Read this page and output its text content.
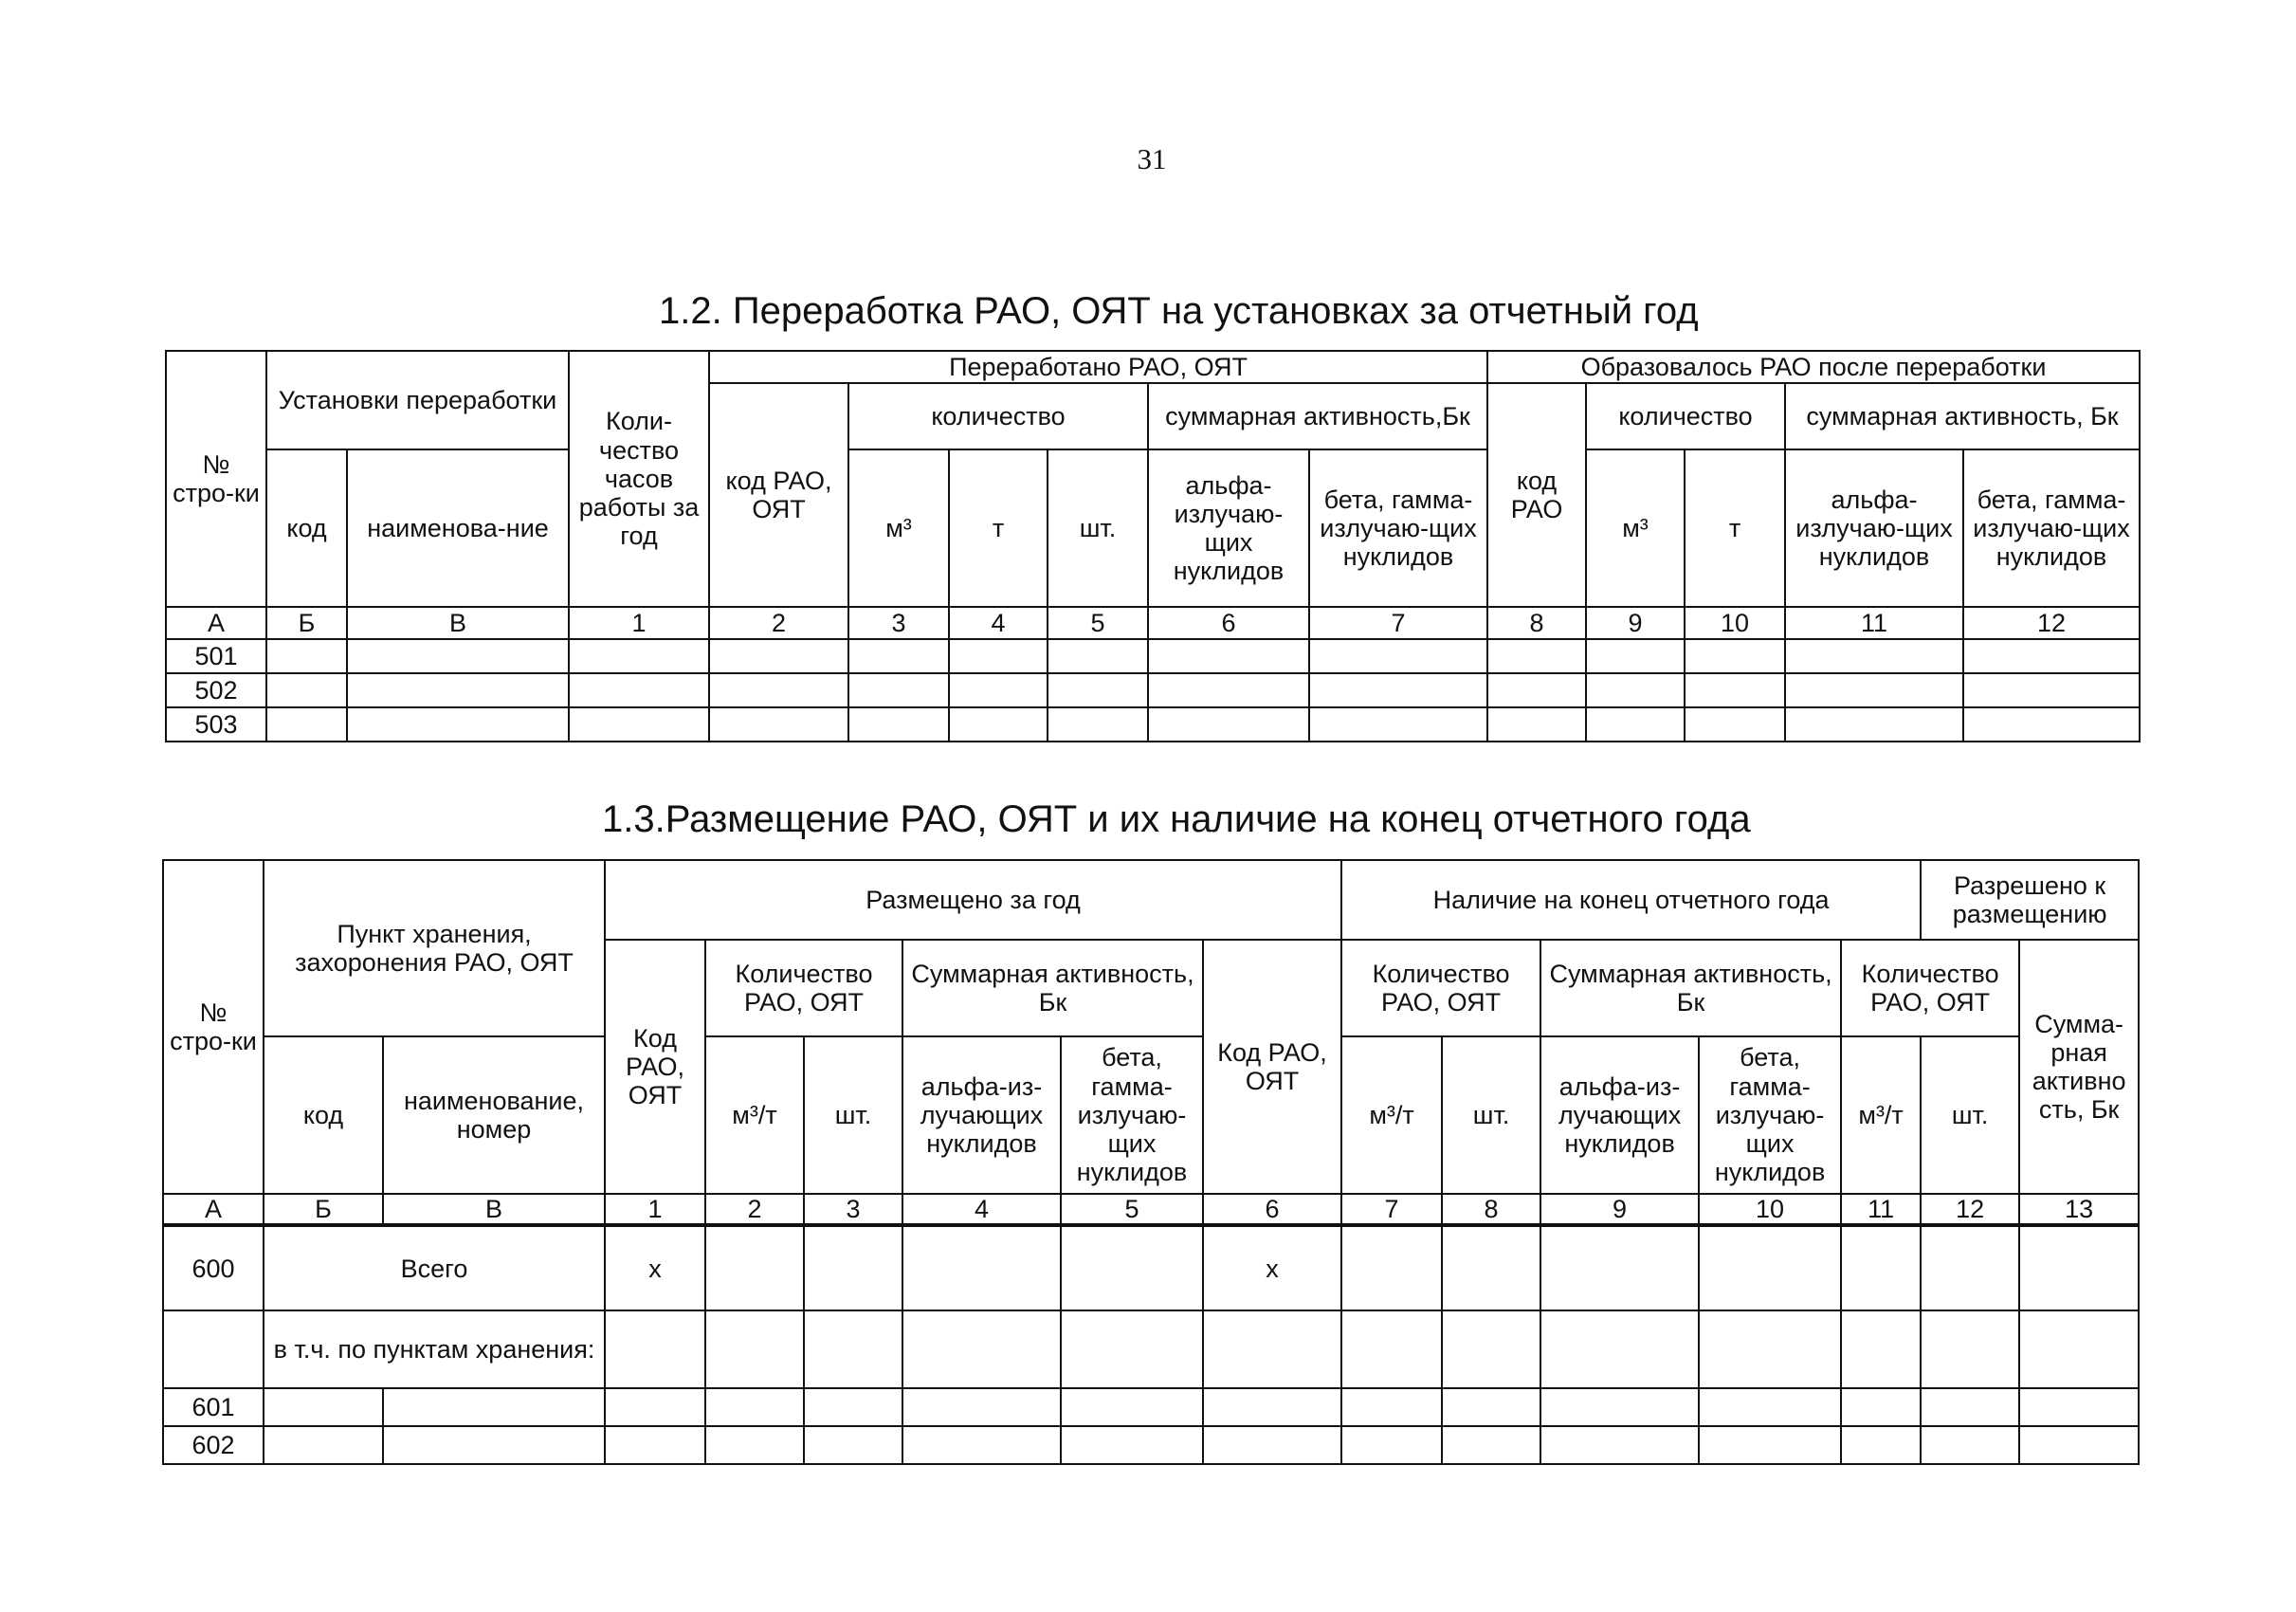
31
1.2. Переработка РАО, ОЯТ на установках за отчетный год
№ стро-ки	Установки переработки		Коли-чество часов работы за год	Переработано РАО, ОЯТ						Образовалось РАО после переработки				
				код РАО, ОЯТ	количество			суммарная активность,Бк		код РАО	количество		суммарная активность, Бк	
	код	наименова-ние			м³	т	шт.	альфа-излучаю-щих нуклидов	бета, гамма-излучаю-щих нуклидов		м³	т	альфа-излучаю-щих нуклидов	бета, гамма-излучаю-щих нуклидов
А	Б	В	1	2	3	4	5	6	7	8	9	10	11	12
501														
502														
503														
1.3.Размещение РАО, ОЯТ и их наличие на конец отчетного года
№ стро-ки	Пункт хранения, захоронения РАО, ОЯТ		Размещено за год						Наличие на конец отчетного года					Разрешено к размещению	
			Код РАО, ОЯТ	Количество РАО, ОЯТ		Суммарная активность, Бк		Код РАО, ОЯТ	Количество РАО, ОЯТ		Суммарная активность, Бк		Количество РАО, ОЯТ		Сумма-рная активно сть, Бк
	код	наименование, номер		м³/т	шт.	альфа-из-лучающих нуклидов	бета, гамма-излучаю-щих нуклидов		м³/т	шт.	альфа-из-лучающих нуклидов	бета, гамма-излучаю-щих нуклидов	м³/т	шт.	
А	Б	В	1	2	3	4	5	6	7	8	9	10	11	12	13
600	Всего		х					х							
	в т.ч. по пунктам хранения:														
601															
602															
